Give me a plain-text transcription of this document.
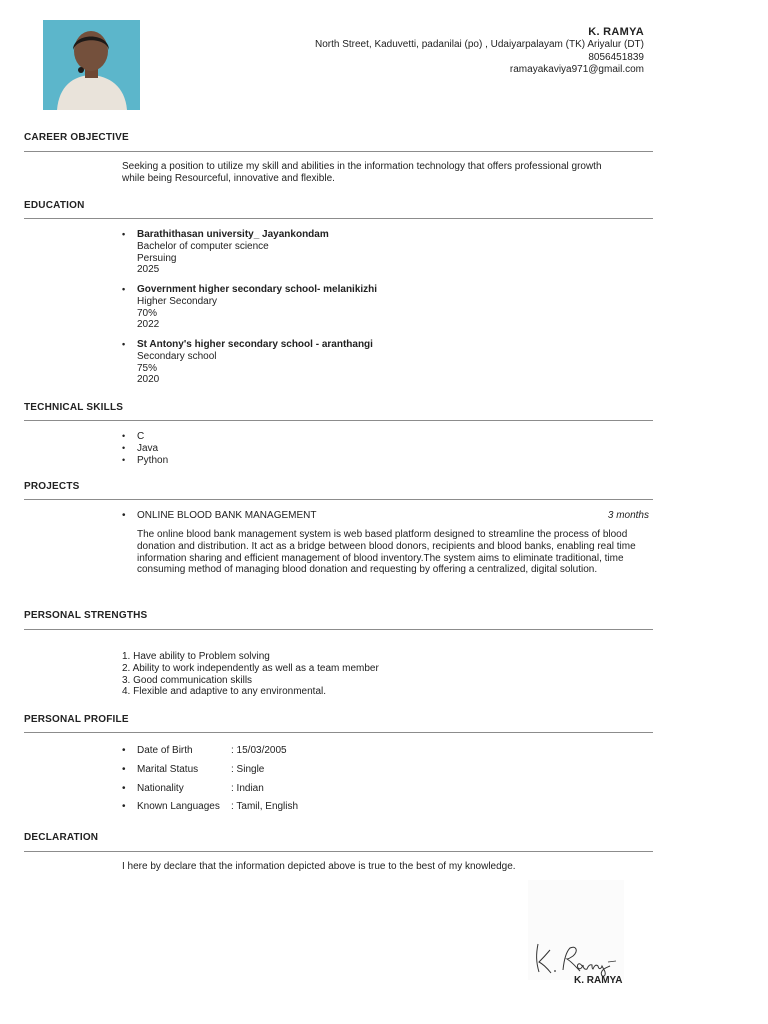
K. RAMYA
North Street, Kaduvetti, padanilai (po) , Udaiyarpalayam (TK) Ariyalur (DT)
8056451839
ramayakaviya971@gmail.com
CAREER OBJECTIVE
Seeking a position to utilize my skill and abilities in the information technology that offers professional growth while being Resourceful, innovative and flexible.
EDUCATION
• Barathithasan university_ Jayankondam
Bachelor of computer science
Persuing
2025
• Government higher secondary school- melanikizhi
Higher Secondary
70%
2022
• St Antony's higher secondary school - aranthangi
Secondary school
75%
2020
TECHNICAL SKILLS
• C
• Java
• Python
PROJECTS
• ONLINE BLOOD BANK MANAGEMENT	3 months
The online blood bank management system is web based platform designed to streamline the process of blood donation and distribution. It act as a bridge between blood donors, recipients and blood banks, enabling real time information sharing and efficient management of blood inventory.The system aims to eliminate traditional, time consuming method of managing blood donation and requesting by offering a centralized, digital solution.
PERSONAL STRENGTHS
1. Have ability to Problem solving
2. Ability to work independently as well as a team member
3. Good communication skills
4. Flexible and adaptive to any environmental.
PERSONAL PROFILE
• Date of Birth	: 15/03/2005
• Marital Status	: Single
• Nationality	: Indian
• Known Languages : Tamil, English
DECLARATION
I here by declare that the information depicted above is true to the best of my knowledge.
K. RAMYA
